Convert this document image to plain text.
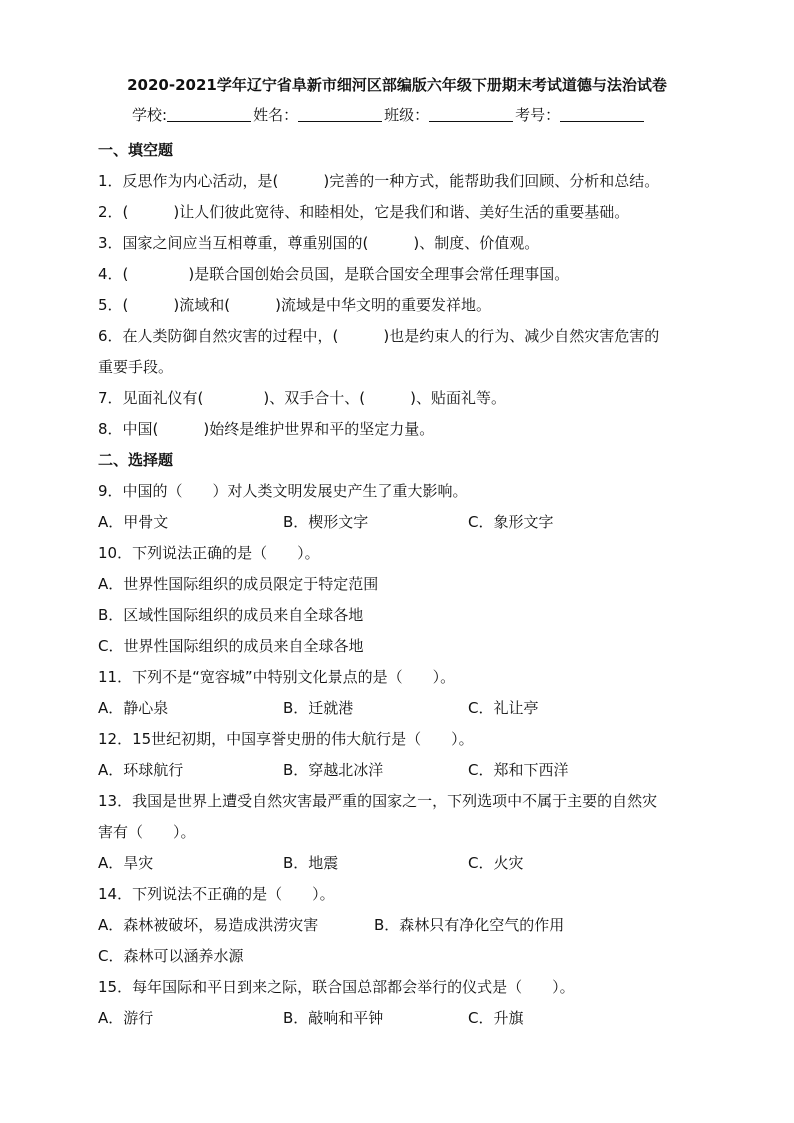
2020-2021学年辽宁省阜新市细河区部编版六年级下册期末考试道德与法治试卷
学校:	姓名：	班级：	考号：
一、填空题
1．反思作为内心活动，是(　　　)完善的一种方式，能帮助我们回顾、分析和总结。
2．(　　　)让人们彼此宽待、和睦相处，它是我们和谐、美好生活的重要基础。
3．国家之间应当互相尊重，尊重别国的(　　　)、制度、价值观。
4．(　　　　)是联合国创始会员国，是联合国安全理事会常任理事国。
5．(　　　)流域和(　　　)流域是中华文明的重要发祥地。
6．在人类防御自然灾害的过程中，(　　　)也是约束人的行为、减少自然灾害危害的
重要手段。
7．见面礼仪有(　　　　)、双手合十、(　　　)、贴面礼等。
8．中国(　　　)始终是维护世界和平的坚定力量。
二、选择题
9．中国的（　　）对人类文明发展史产生了重大影响。
A．甲骨文	B．楔形文字	C．象形文字
10．下列说法正确的是（　　）。
A．世界性国际组织的成员限定于特定范围
B．区域性国际组织的成员来自全球各地
C．世界性国际组织的成员来自全球各地
11．下列不是“宽容城”中特别文化景点的是（　　）。
A．静心泉	B．迁就港	C．礼让亭
12．15世纪初期，中国享誉史册的伟大航行是（　　）。
A．环球航行	B．穿越北冰洋	C．郑和下西洋
13．我国是世界上遭受自然灾害最严重的国家之一，下列选项中不属于主要的自然灾
害有（　　）。
A．旱灾	B．地震	C．火灾
14．下列说法不正确的是（　　）。
A．森林被破坏，易造成洪涝灾害	B．森林只有净化空气的作用
C．森林可以涵养水源
15．每年国际和平日到来之际，联合国总部都会举行的仪式是（　　）。
A．游行	B．敲响和平钟	C．升旗
